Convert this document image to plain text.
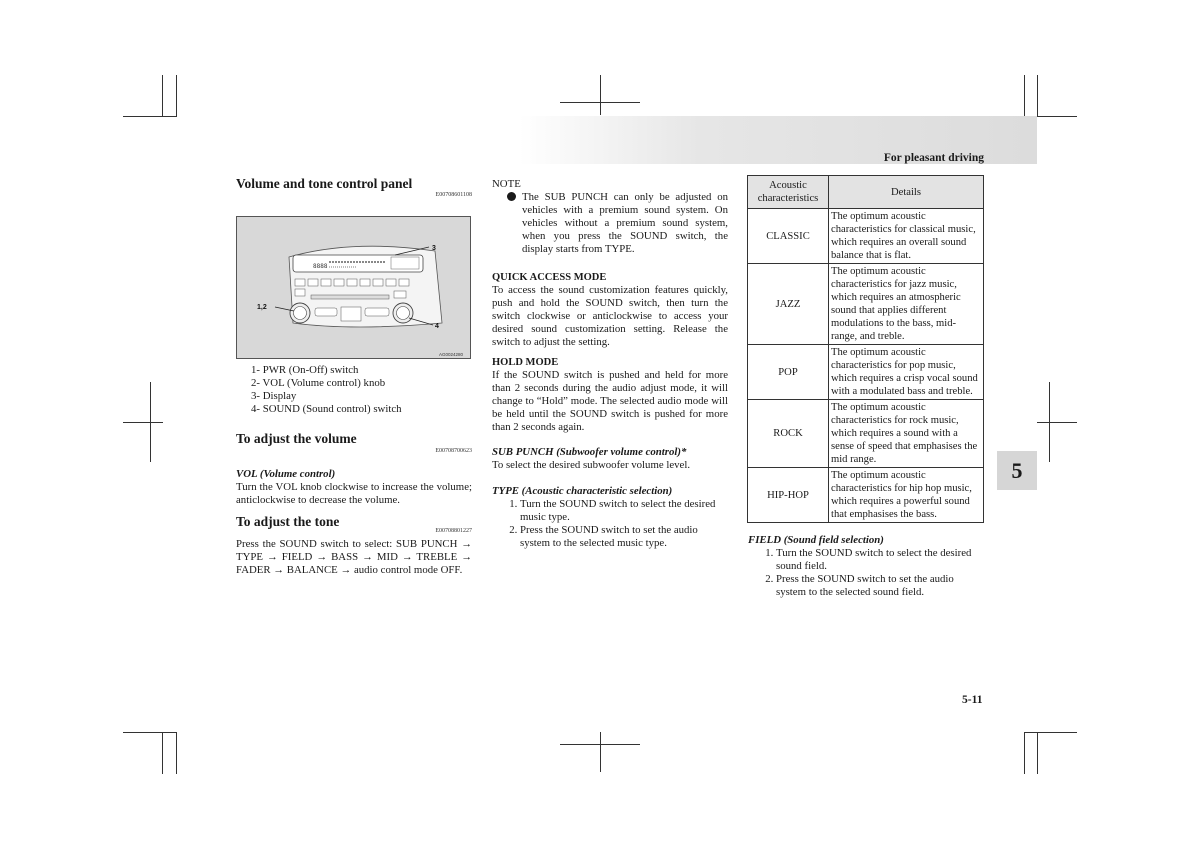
For pleasant driving
5
Volume and tone control panel
E00708601108
8888
3
1,2
4
AG0024280
1- PWR (On-Off) switch
2- VOL (Volume control) knob
3- Display
4- SOUND (Sound control) switch
To adjust the volume
E00708700623
VOL (Volume control)
Turn the VOL knob clockwise to increase the volume; anticlockwise to decrease the volume.
To adjust the tone
E00708801227
Press the SOUND switch to select: SUB PUNCH → TYPE → FIELD → BASS → MID → TREBLE → FADER → BALANCE → audio control mode OFF.
NOTE
The SUB PUNCH can only be adjusted on vehicles with a premium sound system. On vehicles without a premium sound system, when you press the SOUND switch, the display starts from TYPE.
QUICK ACCESS MODE
To access the sound customization features quickly, push and hold the SOUND switch, then turn the switch clockwise or anticlockwise to access your desired sound customization setting. Release the switch to adjust the setting.
HOLD MODE
If the SOUND switch is pushed and held for more than 2 seconds during the audio adjust mode, it will change to “Hold” mode. The selected audio mode will be held until the SOUND switch is pushed for more than 2 seconds again.
SUB PUNCH (Subwoofer volume control)*
To select the desired subwoofer volume level.
TYPE (Acoustic characteristic selection)
1. Turn the SOUND switch to select the desired music type.
2. Press the SOUND switch to set the audio system to the selected music type.
Acoustic characteristics	Details
CLASSIC	The optimum acoustic characteristics for classical music, which requires an overall sound balance that is flat.
JAZZ	The optimum acoustic characteristics for jazz music, which requires an atmospheric sound that applies different modulations to the bass, mid-range, and treble.
POP	The optimum acoustic characteristics for pop music, which requires a crisp vocal sound with a modulated bass and treble.
ROCK	The optimum acoustic characteristics for rock music, which requires a sound with a sense of speed that emphasises the mid range.
HIP-HOP	The optimum acoustic characteristics for hip hop music, which requires a powerful sound that emphasises the bass.
FIELD (Sound field selection)
1. Turn the SOUND switch to select the desired sound field.
2. Press the SOUND switch to set the audio system to the selected sound field.
5-11
